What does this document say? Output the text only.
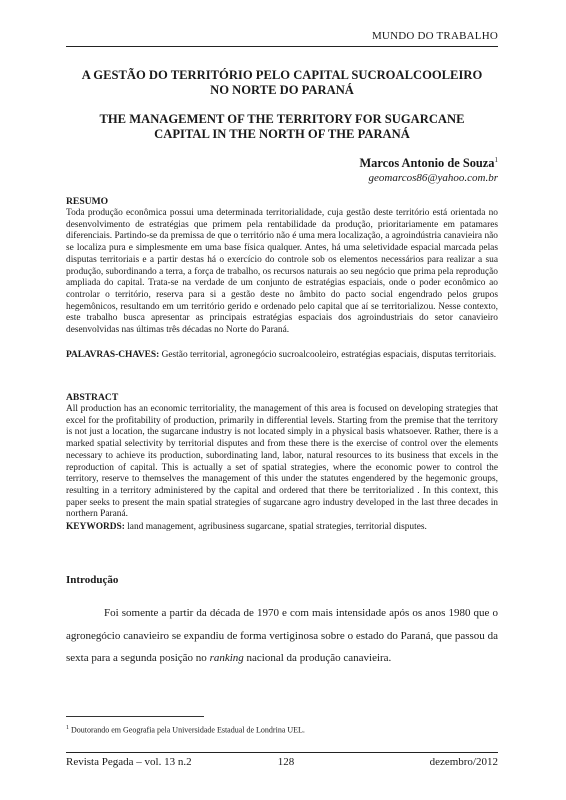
MUNDO DO TRABALHO
A GESTÃO DO TERRITÓRIO PELO CAPITAL SUCROALCOOLEIRO
NO NORTE DO PARANÁ
THE MANAGEMENT OF THE TERRITORY FOR SUGARCANE
CAPITAL IN THE NORTH OF THE PARANÁ
Marcos Antonio de Souza$^1$
geomarcos86@yahoo.com.br
RESUMO
Toda produção econômica possui uma determinada territorialidade, cuja gestão deste território está orientada no desenvolvimento de estratégias que primem pela rentabilidade da produção, prioritariamente em patamares diferenciais. Partindo-se da premissa de que o território não é uma mera localização, a agroindústria canavieira não se localiza pura e simplesmente em uma base física qualquer. Antes, há uma seletividade espacial marcada pelas disputas territoriais e a partir destas há o exercício do controle sob os elementos necessários para realizar a sua produção, subordinando a terra, a força de trabalho, os recursos naturais ao seu negócio que prima pela reprodução ampliada do capital. Trata-se na verdade de um conjunto de estratégias espaciais, onde o poder econômico ao controlar o território, reserva para si a gestão deste no âmbito do pacto social engendrado pelos grupos hegemônicos, resultando em um território gerido e ordenado pelo capital que aí se territorializou. Nesse contexto, este trabalho busca apresentar as principais estratégias espaciais dos agroindustriais do setor canavieiro desenvolvidas nas últimas três décadas no Norte do Paraná.
PALAVRAS-CHAVES: Gestão territorial, agronegócio sucroalcooleiro, estratégias espaciais, disputas territoriais.
ABSTRACT
All production has an economic territoriality, the management of this area is focused on developing strategies that excel for the profitability of production, primarily in differential levels. Starting from the premise that the territory is not just a location, the sugarcane industry is not located simply in a physical basis whatsoever. Rather, there is a marked spatial selectivity by territorial disputes and from these there is the exercise of control over the elements necessary to achieve its production, subordinating land, labor, natural resources to its business that excels in the reproduction of capital. This is actually a set of spatial strategies, where the economic power to control the territory, reserve to themselves the management of this under the statutes engendered by the hegemonic groups, resulting in a territory administered by the capital and ordered that there be territorialized . In this context, this paper seeks to present the main spatial strategies of sugarcane agro industry developed in the last three decades in northern Paraná.
KEYWORDS: land management, agribusiness sugarcane, spatial strategies, territorial disputes.
Introdução
Foi somente a partir da década de 1970 e com mais intensidade após os anos 1980 que o agronegócio canavieiro se expandiu de forma vertiginosa sobre o estado do Paraná, que passou da sexta para a segunda posição no ranking nacional da produção canavieira.
$^1$ Doutorando em Geografia pela Universidade Estadual de Londrina UEL.
Revista Pegada – vol. 13 n.2	128	dezembro/2012
